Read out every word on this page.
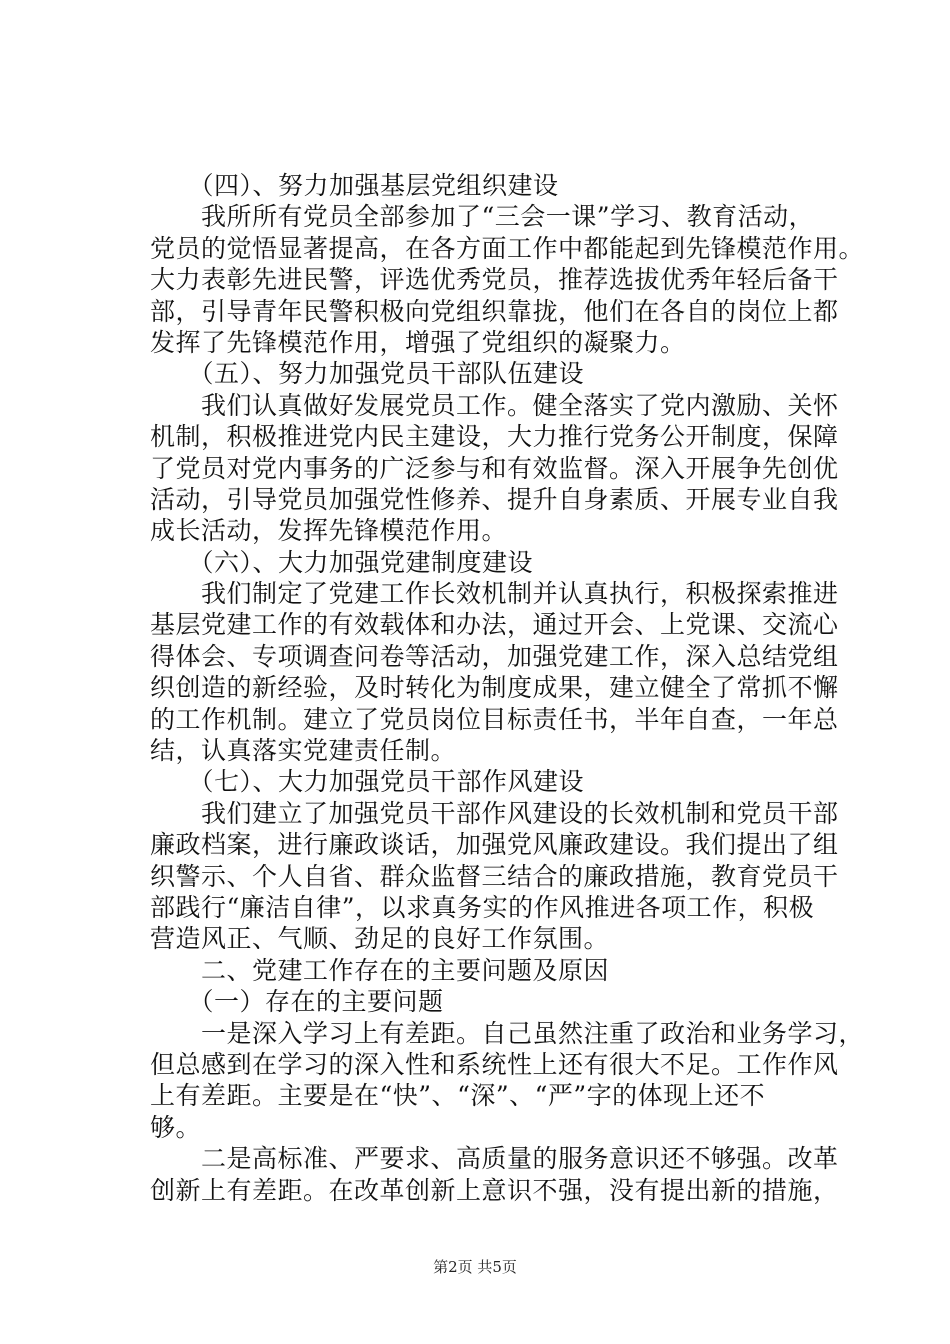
　　（四）、努力加强基层党组织建设
　　我所所有党员全部参加了“三会一课”学习、教育活动，
党员的觉悟显著提高，在各方面工作中都能起到先锋模范作用。
大力表彰先进民警，评选优秀党员，推荐选拔优秀年轻后备干
部，引导青年民警积极向党组织靠拢，他们在各自的岗位上都
发挥了先锋模范作用，增强了党组织的凝聚力。
　　（五）、努力加强党员干部队伍建设
　　我们认真做好发展党员工作。健全落实了党内激励、关怀
机制，积极推进党内民主建设，大力推行党务公开制度，保障
了党员对党内事务的广泛参与和有效监督。深入开展争先创优
活动，引导党员加强党性修养、提升自身素质、开展专业自我
成长活动，发挥先锋模范作用。
　　（六）、大力加强党建制度建设
　　我们制定了党建工作长效机制并认真执行，积极探索推进
基层党建工作的有效载体和办法，通过开会、上党课、交流心
得体会、专项调查问卷等活动，加强党建工作，深入总结党组
织创造的新经验，及时转化为制度成果，建立健全了常抓不懈
的工作机制。建立了党员岗位目标责任书，半年自查，一年总
结，认真落实党建责任制。
　　（七）、大力加强党员干部作风建设
　　我们建立了加强党员干部作风建设的长效机制和党员干部
廉政档案，进行廉政谈话，加强党风廉政建设。我们提出了组
织警示、个人自省、群众监督三结合的廉政措施，教育党员干
部践行“廉洁自律”，以求真务实的作风推进各项工作，积极
营造风正、气顺、劲足的良好工作氛围。
　　二、党建工作存在的主要问题及原因
　　（一）存在的主要问题
　　一是深入学习上有差距。自己虽然注重了政治和业务学习，
但总感到在学习的深入性和系统性上还有很大不足。工作作风
上有差距。主要是在“快”、“深”、“严”字的体现上还不
够。
　　二是高标准、严要求、高质量的服务意识还不够强。改革
创新上有差距。在改革创新上意识不强，没有提出新的措施，
第2页 共5页
